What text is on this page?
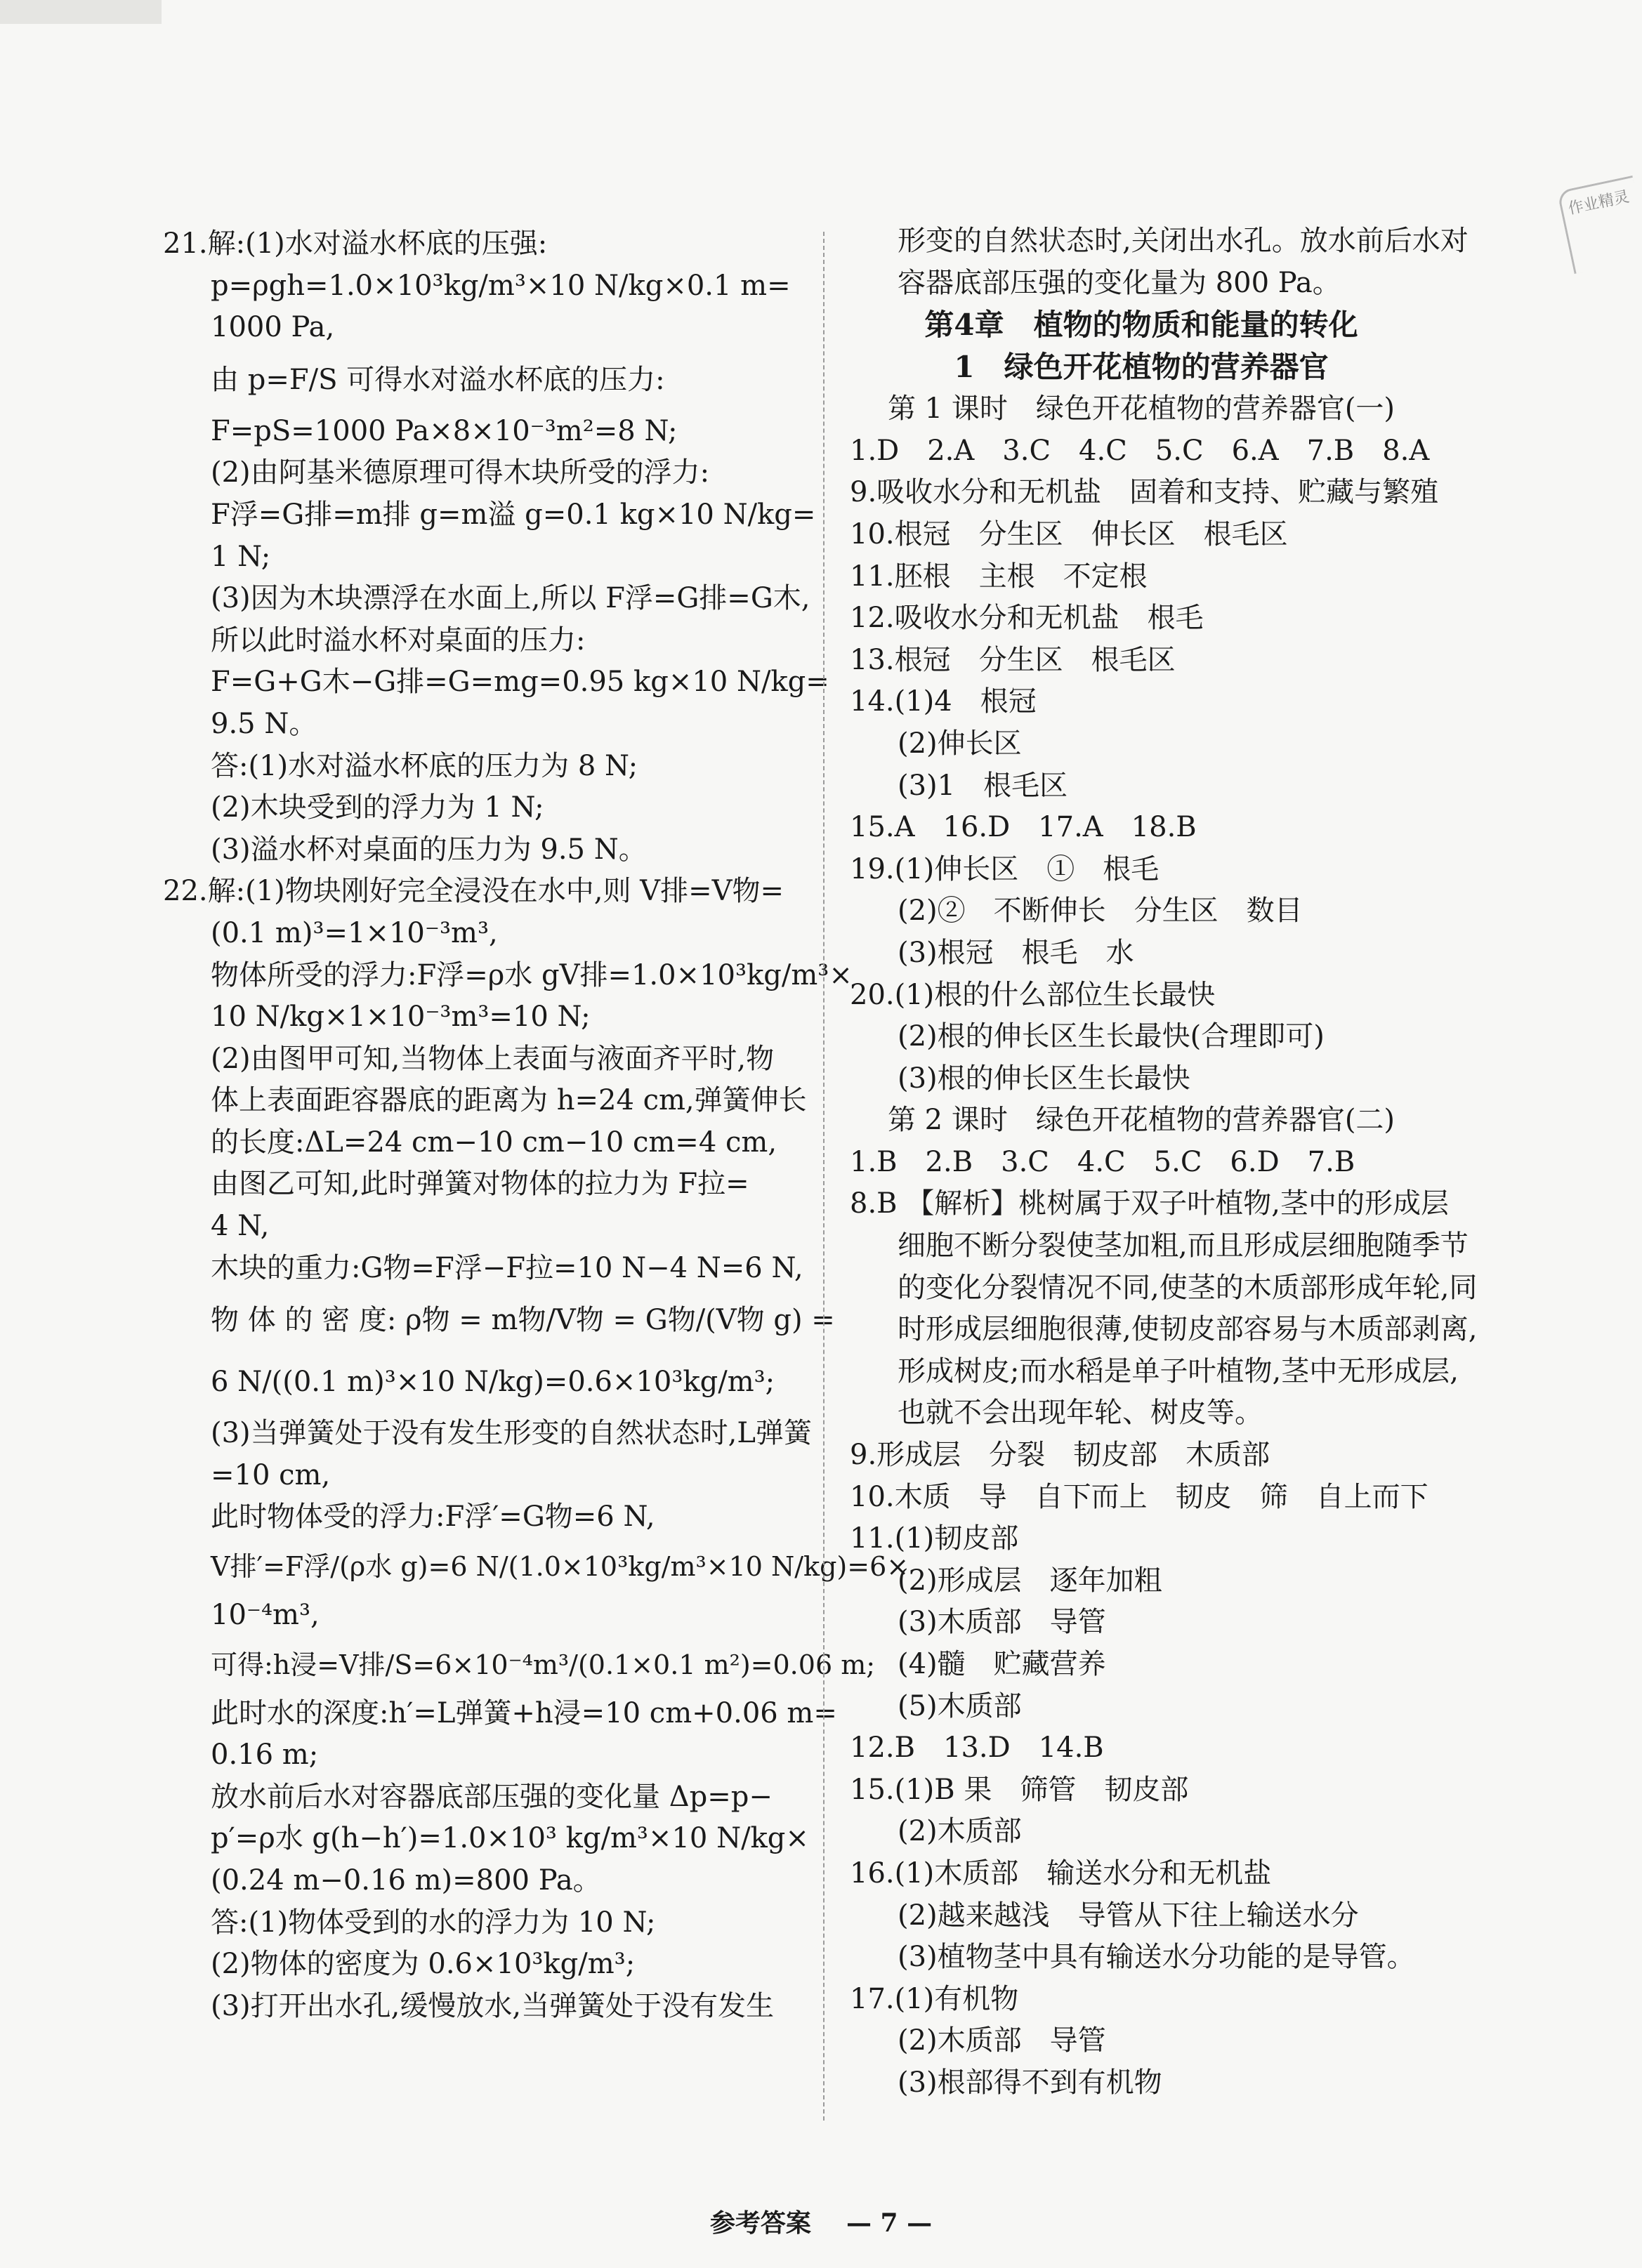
作业精灵
21.解:(1)水对溢水杯底的压强:
p=ρgh=1.0×10³kg/m³×10 N/kg×0.1 m=
1000 Pa,
由 p=F/S 可得水对溢水杯底的压力:
F=pS=1000 Pa×8×10⁻³m²=8 N;
(2)由阿基米德原理可得木块所受的浮力:
F浮=G排=m排 g=m溢 g=0.1 kg×10 N/kg=
1 N;
(3)因为木块漂浮在水面上,所以 F浮=G排=G木,
所以此时溢水杯对桌面的压力:
F=G+G木−G排=G=mg=0.95 kg×10 N/kg=
9.5 N。
答:(1)水对溢水杯底的压力为 8 N;
(2)木块受到的浮力为 1 N;
(3)溢水杯对桌面的压力为 9.5 N。
22.解:(1)物块刚好完全浸没在水中,则 V排=V物=
(0.1 m)³=1×10⁻³m³,
物体所受的浮力:F浮=ρ水 gV排=1.0×10³kg/m³×
10 N/kg×1×10⁻³m³=10 N;
(2)由图甲可知,当物体上表面与液面齐平时,物
体上表面距容器底的距离为 h=24 cm,弹簧伸长
的长度:ΔL=24 cm−10 cm−10 cm=4 cm,
由图乙可知,此时弹簧对物体的拉力为 F拉=
4 N,
木块的重力:G物=F浮−F拉=10 N−4 N=6 N,
物 体 的 密 度: ρ物 = m物/V物 = G物/(V物 g) =
6 N/((0.1 m)³×10 N/kg)=0.6×10³kg/m³;
(3)当弹簧处于没有发生形变的自然状态时,L弹簧
=10 cm,
此时物体受的浮力:F浮′=G物=6 N,
V排′=F浮/(ρ水 g)=6 N/(1.0×10³kg/m³×10 N/kg)=6×
10⁻⁴m³,
可得:h浸=V排/S=6×10⁻⁴m³/(0.1×0.1 m²)=0.06 m;
此时水的深度:h′=L弹簧+h浸=10 cm+0.06 m=
0.16 m;
放水前后水对容器底部压强的变化量 Δp=p−
p′=ρ水 g(h−h′)=1.0×10³ kg/m³×10 N/kg×
(0.24 m−0.16 m)=800 Pa。
答:(1)物体受到的水的浮力为 10 N;
(2)物体的密度为 0.6×10³kg/m³;
(3)打开出水孔,缓慢放水,当弹簧处于没有发生
形变的自然状态时,关闭出水孔。放水前后水对
容器底部压强的变化量为 800 Pa。
第4章　植物的物质和能量的转化
1　绿色开花植物的营养器官
第 1 课时　绿色开花植物的营养器官(一)
1.D　2.A　3.C　4.C　5.C　6.A　7.B　8.A
9.吸收水分和无机盐　固着和支持、贮藏与繁殖
10.根冠　分生区　伸长区　根毛区
11.胚根　主根　不定根
12.吸收水分和无机盐　根毛
13.根冠　分生区　根毛区
14.(1)4　根冠
(2)伸长区
(3)1　根毛区
15.A　16.D　17.A　18.B
19.(1)伸长区　①　根毛
(2)②　不断伸长　分生区　数目
(3)根冠　根毛　水
20.(1)根的什么部位生长最快
(2)根的伸长区生长最快(合理即可)
(3)根的伸长区生长最快
第 2 课时　绿色开花植物的营养器官(二)
1.B　2.B　3.C　4.C　5.C　6.D　7.B
8.B 【解析】桃树属于双子叶植物,茎中的形成层
细胞不断分裂使茎加粗,而且形成层细胞随季节
的变化分裂情况不同,使茎的木质部形成年轮,同
时形成层细胞很薄,使韧皮部容易与木质部剥离,
形成树皮;而水稻是单子叶植物,茎中无形成层,
也就不会出现年轮、树皮等。
9.形成层　分裂　韧皮部　木质部
10.木质　导　自下而上　韧皮　筛　自上而下
11.(1)韧皮部
(2)形成层　逐年加粗
(3)木质部　导管
(4)髓　贮藏营养
(5)木质部
12.B　13.D　14.B
15.(1)B 果　筛管　韧皮部
(2)木质部
16.(1)木质部　输送水分和无机盐
(2)越来越浅　导管从下往上输送水分
(3)植物茎中具有输送水分功能的是导管。
17.(1)有机物
(2)木质部　导管
(3)根部得不到有机物
参考答案 — 7 —
